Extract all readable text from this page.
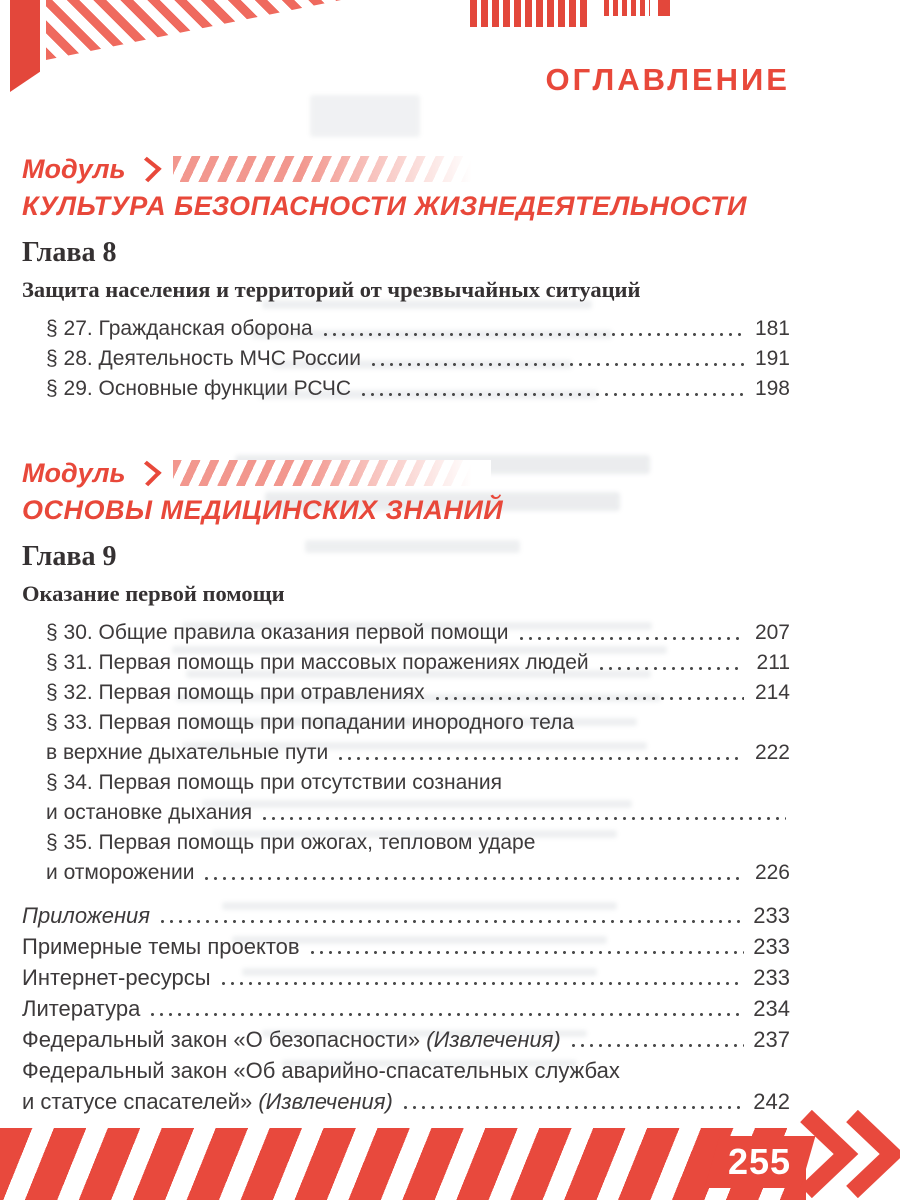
ОГЛАВЛЕНИЕ
Модуль
КУЛЬТУРА БЕЗОПАСНОСТИ ЖИЗНЕДЕЯТЕЛЬНОСТИ
Глава 8
Защита населения и территорий от чрезвычайных ситуаций
§ 27. Гражданская оборона	181
§ 28. Деятельность МЧС России	191
§ 29. Основные функции РСЧС	198
Модуль
ОСНОВЫ МЕДИЦИНСКИХ ЗНАНИЙ
Глава 9
Оказание первой помощи
§ 30. Общие правила оказания первой помощи	207
§ 31. Первая помощь при массовых поражениях людей	211
§ 32. Первая помощь при отравлениях	214
§ 33. Первая помощь при попадании инородного тела
в верхние дыхательные пути	222
§ 34. Первая помощь при отсутствии сознания
и остановке дыхания
§ 35. Первая помощь при ожогах, тепловом ударе
и отморожении	226
Приложения	233
Примерные темы проектов	233
Интернет-ресурсы	233
Литература	234
Федеральный закон «О безопасности» (Извлечения)	237
Федеральный закон «Об аварийно-спасательных службах
и статусе спасателей» (Извлечения)	242
255
